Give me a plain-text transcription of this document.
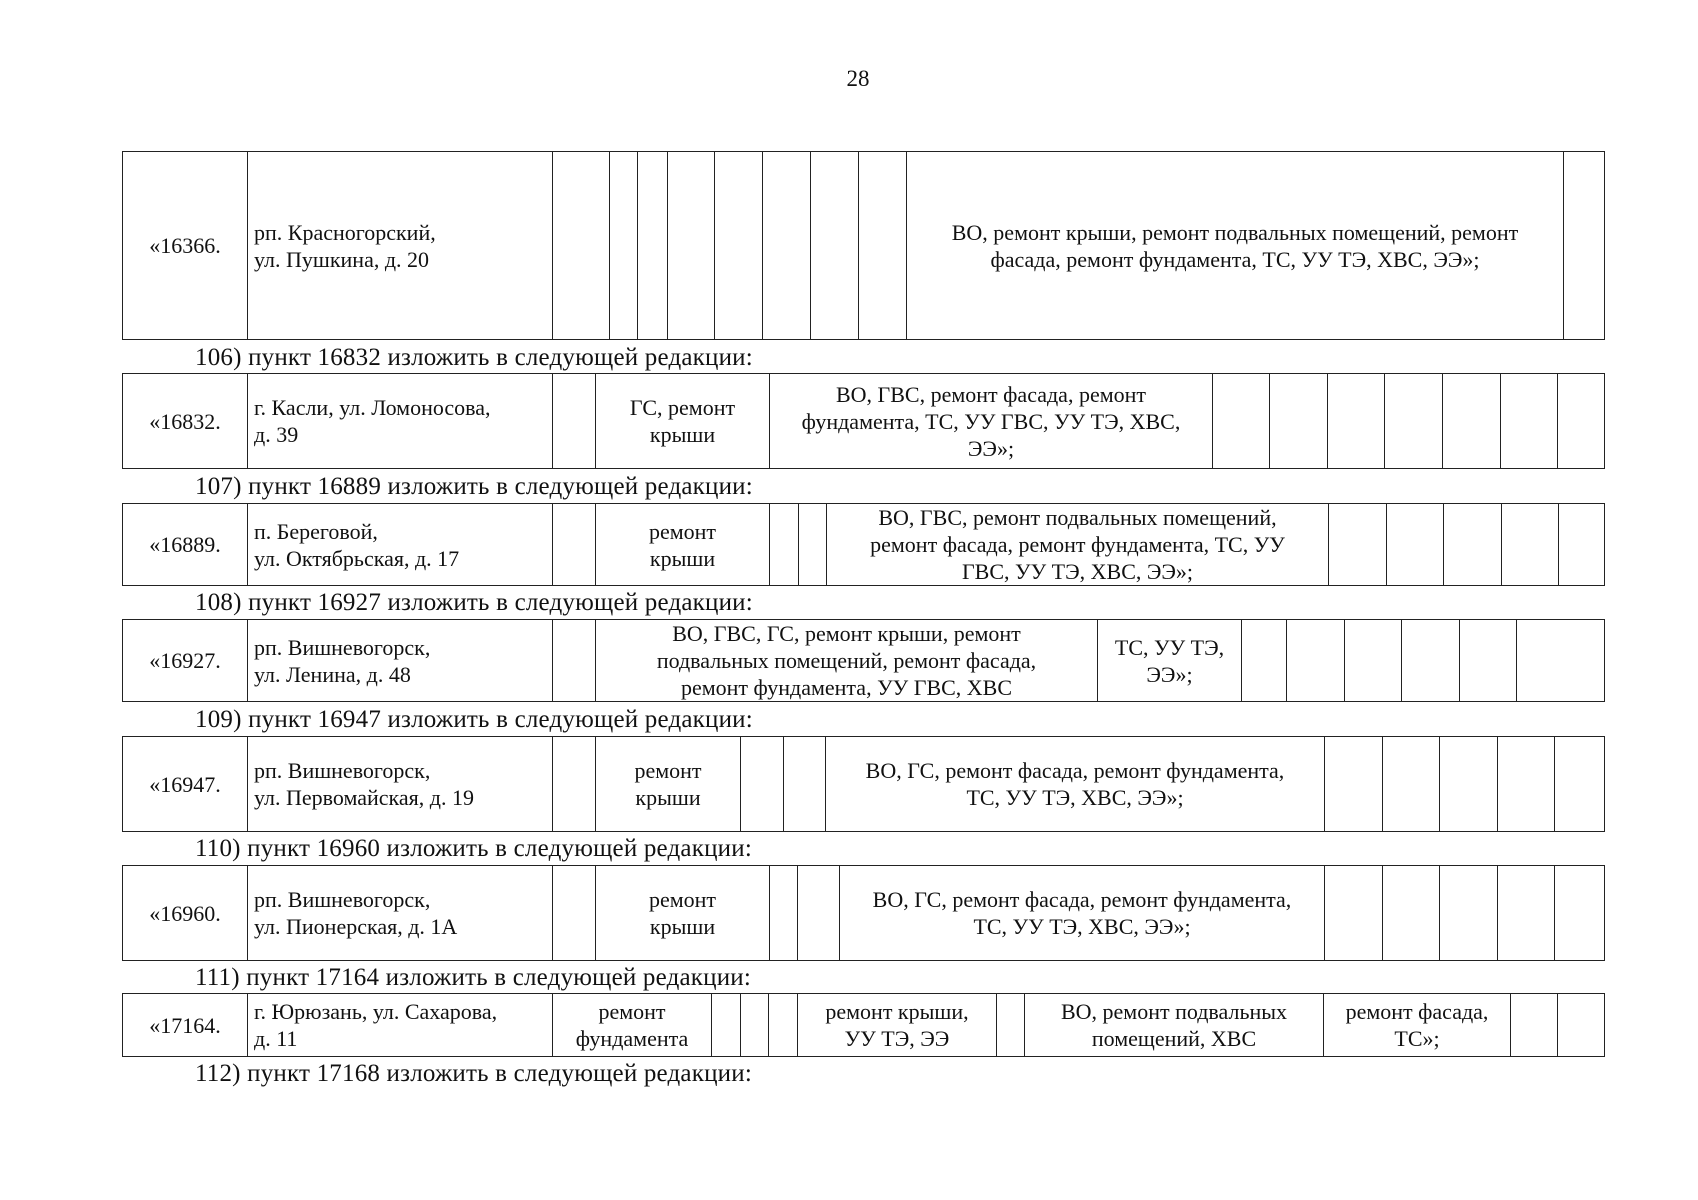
28
«16366.	рп. Красногорский,
ул. Пушкина, д. 20									ВО, ремонт крыши, ремонт подвальных помещений, ремонт
фасада, ремонт фундамента, ТС, УУ ТЭ, ХВС, ЭЭ»;	
106) пункт 16832 изложить в следующей редакции:
«16832.	г. Касли, ул. Ломоносова,
д. 39		ГС, ремонт
крыши	ВО, ГВС, ремонт фасада, ремонт
фундамента, ТС, УУ ГВС, УУ ТЭ, ХВС,
ЭЭ»;							
107) пункт 16889 изложить в следующей редакции:
«16889.	п. Береговой,
ул. Октябрьская, д. 17		ремонт
крыши			ВО, ГВС, ремонт подвальных помещений,
ремонт фасада, ремонт фундамента, ТС, УУ
ГВС, УУ ТЭ, ХВС, ЭЭ»;					
108) пункт 16927 изложить в следующей редакции:
«16927.	рп. Вишневогорск,
ул. Ленина, д. 48		ВО, ГВС, ГС, ремонт крыши, ремонт
подвальных помещений, ремонт фасада,
ремонт фундамента, УУ ГВС, ХВС	ТС, УУ ТЭ,
ЭЭ»;						
109) пункт 16947 изложить в следующей редакции:
«16947.	рп. Вишневогорск,
ул. Первомайская, д. 19		ремонт
крыши			ВО, ГС, ремонт фасада, ремонт фундамента,
ТС, УУ ТЭ, ХВС, ЭЭ»;					
110) пункт 16960 изложить в следующей редакции:
«16960.	рп. Вишневогорск,
ул. Пионерская, д. 1А		ремонт
крыши			ВО, ГС, ремонт фасада, ремонт фундамента,
ТС, УУ ТЭ, ХВС, ЭЭ»;					
111) пункт 17164 изложить в следующей редакции:
«17164.	г. Юрюзань, ул. Сахарова,
д. 11	ремонт
фундамента				ремонт крыши,
УУ ТЭ, ЭЭ		ВО, ремонт подвальных
помещений, ХВС	ремонт фасада,
ТС»;		
112) пункт 17168 изложить в следующей редакции:
